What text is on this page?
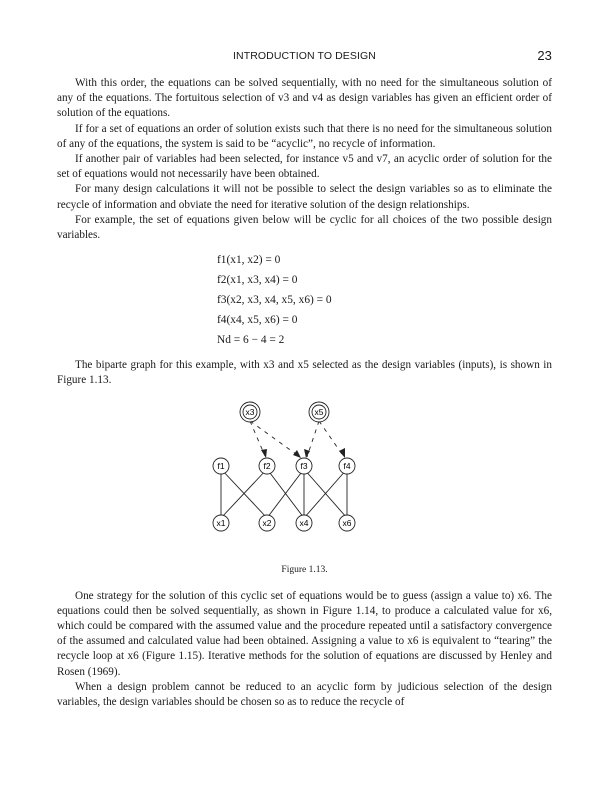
INTRODUCTION TO DESIGN	23

With this order, the equations can be solved sequentially, with no need for the simultaneous solution of any of the equations. The fortuitous selection of v3 and v4 as design variables has given an efficient order of solution of the equations.

If for a set of equations an order of solution exists such that there is no need for the simultaneous solution of any of the equations, the system is said to be “acyclic”, no recycle of information.

If another pair of variables had been selected, for instance v5 and v7, an acyclic order of solution for the set of equations would not necessarily have been obtained.

For many design calculations it will not be possible to select the design variables so as to eliminate the recycle of information and obviate the need for iterative solution of the design relationships.

For example, the set of equations given below will be cyclic for all choices of the two possible design variables.

f1(x1, x2) = 0
f2(x1, x3, x4) = 0
f3(x2, x3, x4, x5, x6) = 0
f4(x4, x5, x6) = 0
Nd = 6 − 4 = 2

The biparte graph for this example, with x3 and x5 selected as the design variables (inputs), is shown in Figure 1.13.

x3	x5
f1	f2	f3	f4
x1	x2	x4	x6
Figure 1.13.

One strategy for the solution of this cyclic set of equations would be to guess (assign a value to) x6. The equations could then be solved sequentially, as shown in Figure 1.14, to produce a calculated value for x6, which could be compared with the assumed value and the procedure repeated until a satisfactory convergence of the assumed and calculated value had been obtained. Assigning a value to x6 is equivalent to “tearing” the recycle loop at x6 (Figure 1.15). Iterative methods for the solution of equations are discussed by Henley and Rosen (1969).

When a design problem cannot be reduced to an acyclic form by judicious selection of the design variables, the design variables should be chosen so as to reduce the recycle of
